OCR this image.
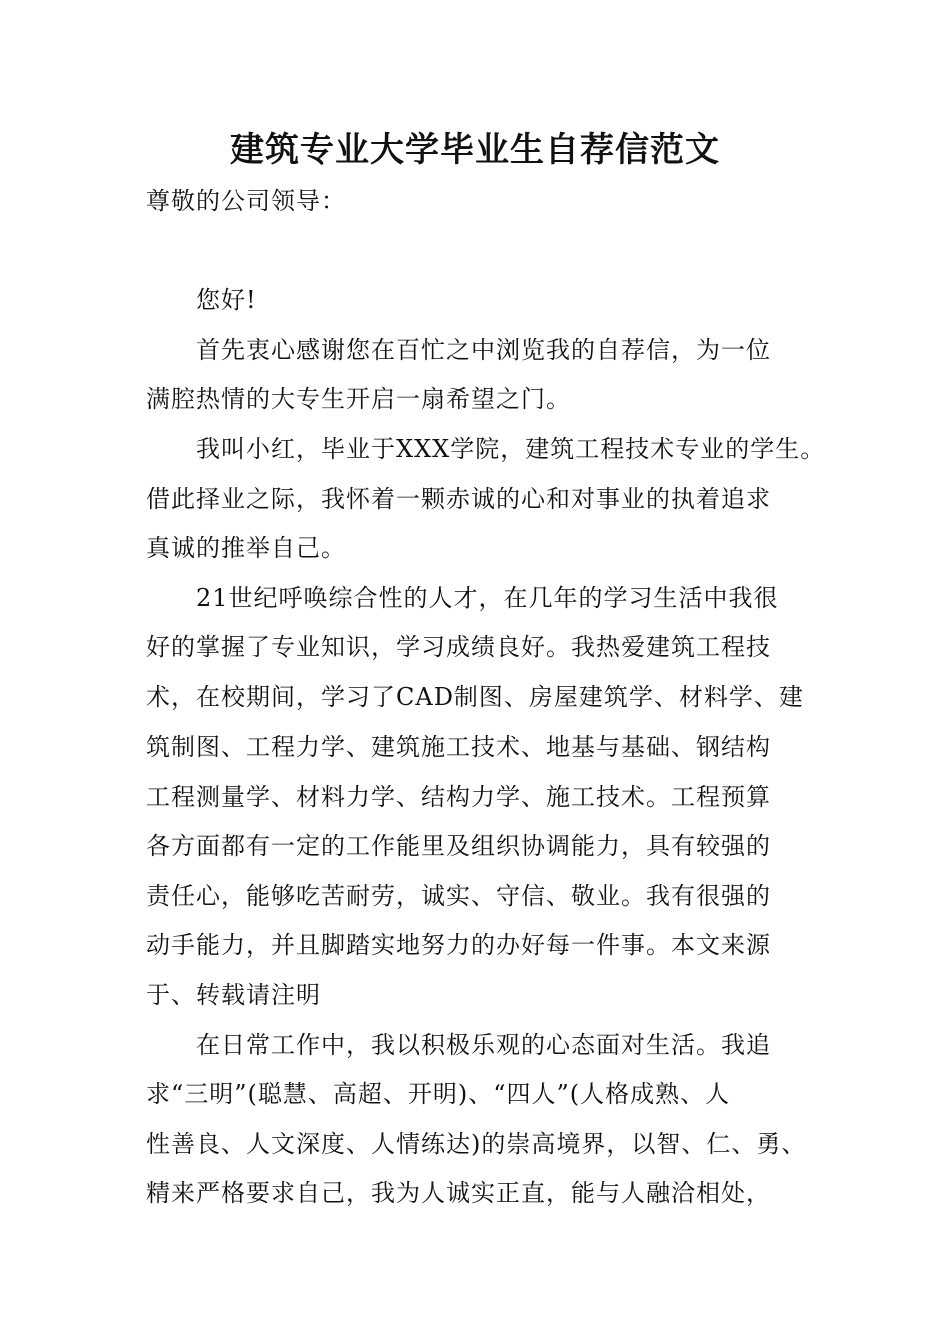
建筑专业大学毕业生自荐信范文
尊敬的公司领导：
您好!
首先衷心感谢您在百忙之中浏览我的自荐信，为一位
满腔热情的大专生开启一扇希望之门。
我叫小红，毕业于XXX学院，建筑工程技术专业的学生。
借此择业之际，我怀着一颗赤诚的心和对事业的执着追求
真诚的推举自己。
21世纪呼唤综合性的人才，在几年的学习生活中我很
好的掌握了专业知识，学习成绩良好。我热爱建筑工程技
术，在校期间，学习了CAD制图、房屋建筑学、材料学、建
筑制图、工程力学、建筑施工技术、地基与基础、钢结构
工程测量学、材料力学、结构力学、施工技术。工程预算
各方面都有一定的工作能里及组织协调能力，具有较强的
责任心，能够吃苦耐劳，诚实、守信、敬业。我有很强的
动手能力，并且脚踏实地努力的办好每一件事。本文来源
于、转载请注明
在日常工作中，我以积极乐观的心态面对生活。我追
求“三明”(聪慧、高超、开明)、“四人”(人格成熟、人
性善良、人文深度、人情练达)的崇高境界，以智、仁、勇、
精来严格要求自己，我为人诚实正直，能与人融洽相处，
